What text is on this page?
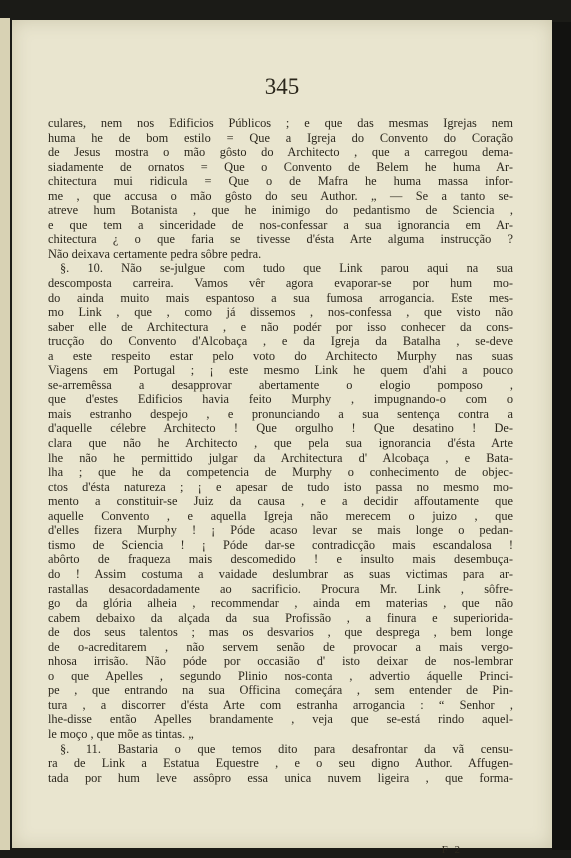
345
culares, nem nos Edificios Públicos ; e que das mesmas Igrejas nem
huma he de bom estilo = Que a Igreja do Convento do Coração
de Jesus mostra o mão gôsto do Architecto , que a carregou dema-
siadamente de ornatos = Que o Convento de Belem he huma Ar-
chitectura mui ridicula = Que o de Mafra he huma massa infor-
me , que accusa o mão gôsto do seu Author. „ — Se a tanto se-
atreve hum Botanista , que he inimigo do pedantismo de Sciencia ,
e que tem a sinceridade de nos-confessar a sua ignorancia em Ar-
chitectura ¿ o que faria se tivesse d'ésta Arte alguma instrucção ?
Não deixava certamente pedra sôbre pedra.
§. 10. Não se-julgue com tudo que Link parou aqui na sua
descomposta carreira. Vamos vêr agora evaporar-se por hum mo-
do ainda muito mais espantoso a sua fumosa arrogancia. Este mes-
mo Link , que , como já dissemos , nos-confessa , que visto não
saber elle de Architectura , e não podér por isso conhecer da cons-
trucção do Convento d'Alcobaça , e da Igreja da Batalha , se-deve
a este respeito estar pelo voto do Architecto Murphy nas suas
Viagens em Portugal ; ¡ este mesmo Link he quem d'ahi a pouco
se-arremêssa a desapprovar abertamente o elogio pomposo ,
que d'estes Edificios havia feito Murphy , impugnando-o com o
mais estranho despejo , e pronunciando a sua sentença contra a
d'aquelle célebre Architecto ! Que orgulho ! Que desatino ! De-
clara que não he Architecto , que pela sua ignorancia d'ésta Arte
lhe não he permittido julgar da Architectura d' Alcobaça , e Bata-
lha ; que he da competencia de Murphy o conhecimento de objec-
ctos d'ésta natureza ; ¡ e apesar de tudo isto passa no mesmo mo-
mento a constituir-se Juiz da causa , e a decidir affoutamente que
aquelle Convento , e aquella Igreja não merecem o juizo , que
d'elles fizera Murphy ! ¡ Póde acaso levar se mais longe o pedan-
tismo de Sciencia ! ¡ Póde dar-se contradicção mais escandalosa !
abôrto de fraqueza mais descomedido ! e insulto mais desembuça-
do ! Assim costuma a vaidade deslumbrar as suas victimas para ar-
rastallas desacordadamente ao sacrificio. Procura Mr. Link , sôfre-
go da glória alheia , recommendar , ainda em materias , que não
cabem debaixo da alçada da sua Profissão , a finura e superiorida-
de dos seus talentos ; mas os desvarios , que desprega , bem longe
de o-acreditarem , não servem senão de provocar a mais vergo-
nhosa irrisão. Não póde por occasião d' isto deixar de nos-lembrar
o que Apelles , segundo Plinio nos-conta , advertio áquelle Princi-
pe , que entrando na sua Officina começára , sem entender de Pin-
tura , a discorrer d'ésta Arte com estranha arrogancia : “ Senhor ,
lhe-disse então Apelles brandamente , veja que se-está rindo aquel-
le moço , que mõe as tintas. „
§. 11. Bastaria o que temos dito para desafrontar da vã censu-
ra de Link a Estatua Equestre , e o seu digno Author. Affugen-
tada por hum leve assôpro essa unica nuvem ligeira , que forma-
F 2
